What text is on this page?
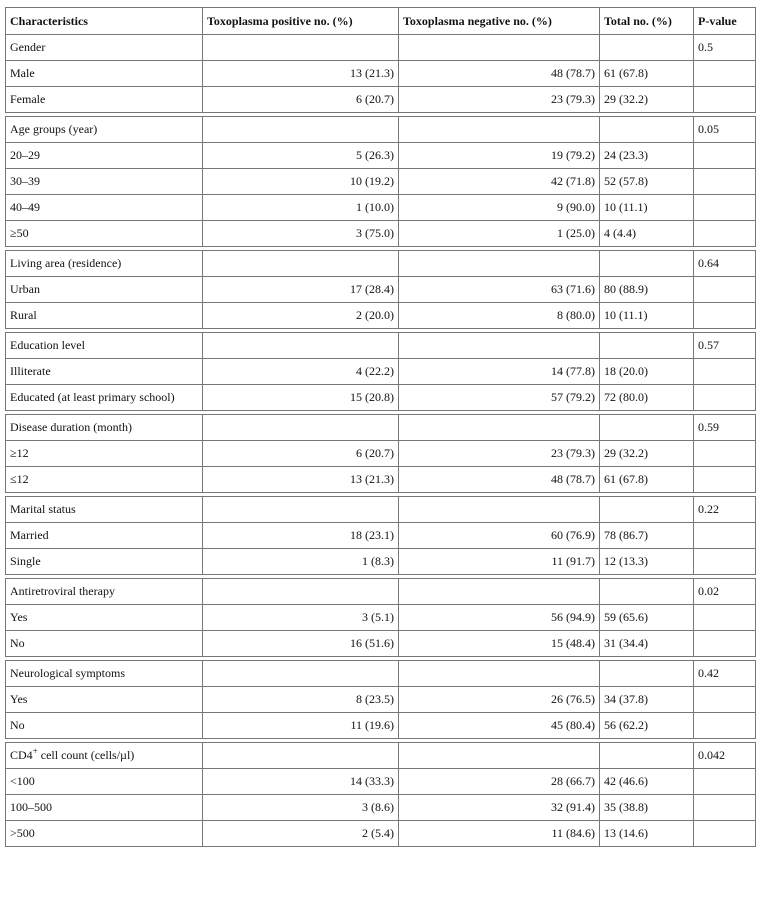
Characteristics	Toxoplasma positive no. (%)	Toxoplasma negative no. (%)	Total no. (%)	P-value
Gender				0.5
Male	13 (21.3)	48 (78.7)	61 (67.8)	
Female	6 (20.7)	23 (79.3)	29 (32.2)	

Age groups (year)				0.05
20–29	5 (26.3)	19 (79.2)	24 (23.3)	
30–39	10 (19.2)	42 (71.8)	52 (57.8)	
40–49	1 (10.0)	9 (90.0)	10 (11.1)	
≥50	3 (75.0)	1 (25.0)	4 (4.4)	

Living area (residence)				0.64
Urban	17 (28.4)	63 (71.6)	80 (88.9)	
Rural	2 (20.0)	8 (80.0)	10 (11.1)	

Education level				0.57
Illiterate	4 (22.2)	14 (77.8)	18 (20.0)	
Educated (at least primary school)	15 (20.8)	57 (79.2)	72 (80.0)	

Disease duration (month)				0.59
≥12	6 (20.7)	23 (79.3)	29 (32.2)	
≤12	13 (21.3)	48 (78.7)	61 (67.8)	

Marital status				0.22
Married	18 (23.1)	60 (76.9)	78 (86.7)	
Single	1 (8.3)	11 (91.7)	12 (13.3)	

Antiretroviral therapy				0.02
Yes	3 (5.1)	56 (94.9)	59 (65.6)	
No	16 (51.6)	15 (48.4)	31 (34.4)	

Neurological symptoms				0.42
Yes	8 (23.5)	26 (76.5)	34 (37.8)	
No	11 (19.6)	45 (80.4)	56 (62.2)	

CD4+ cell count (cells/µl)				0.042
<100	14 (33.3)	28 (66.7)	42 (46.6)	
100–500	3 (8.6)	32 (91.4)	35 (38.8)	
>500	2 (5.4)	11 (84.6)	13 (14.6)	
